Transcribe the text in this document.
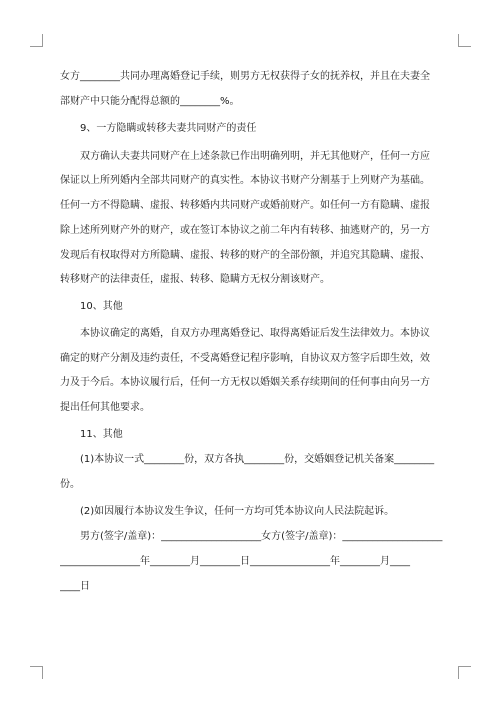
女方________共同办理离婚登记手续，则男方无权获得子女的抚养权，并且在夫妻全
部财产中只能分配得总额的________%。
9、一方隐瞒或转移夫妻共同财产的责任
双方确认夫妻共同财产在上述条款已作出明确列明，并无其他财产，任何一方应
保证以上所列婚内全部共同财产的真实性。本协议书财产分割基于上列财产为基础。
任何一方不得隐瞒、虚报、转移婚内共同财产或婚前财产。如任何一方有隐瞒、虚报
除上述所列财产外的财产，或在签订本协议之前二年内有转移、抽逃财产的，另一方
发现后有权取得对方所隐瞒、虚报、转移的财产的全部份额，并追究其隐瞒、虚报、
转移财产的法律责任，虚报、转移、隐瞒方无权分割该财产。
10、其他
本协议确定的离婚，自双方办理离婚登记、取得离婚证后发生法律效力。本协议
确定的财产分割及违约责任，不受离婚登记程序影响，自协议双方签字后即生效，效
力及于今后。本协议履行后，任何一方无权以婚姻关系存续期间的任何事由向另一方
提出任何其他要求。
11、其他
(1)本协议一式________份，双方各执________份，交婚姻登记机关备案________
份。
(2)如因履行本协议发生争议，任何一方均可凭本协议向人民法院起诉。
男方(签字/盖章)：____________________女方(签字/盖章)：____________________
________________年________月________日________________年________月____
____日
